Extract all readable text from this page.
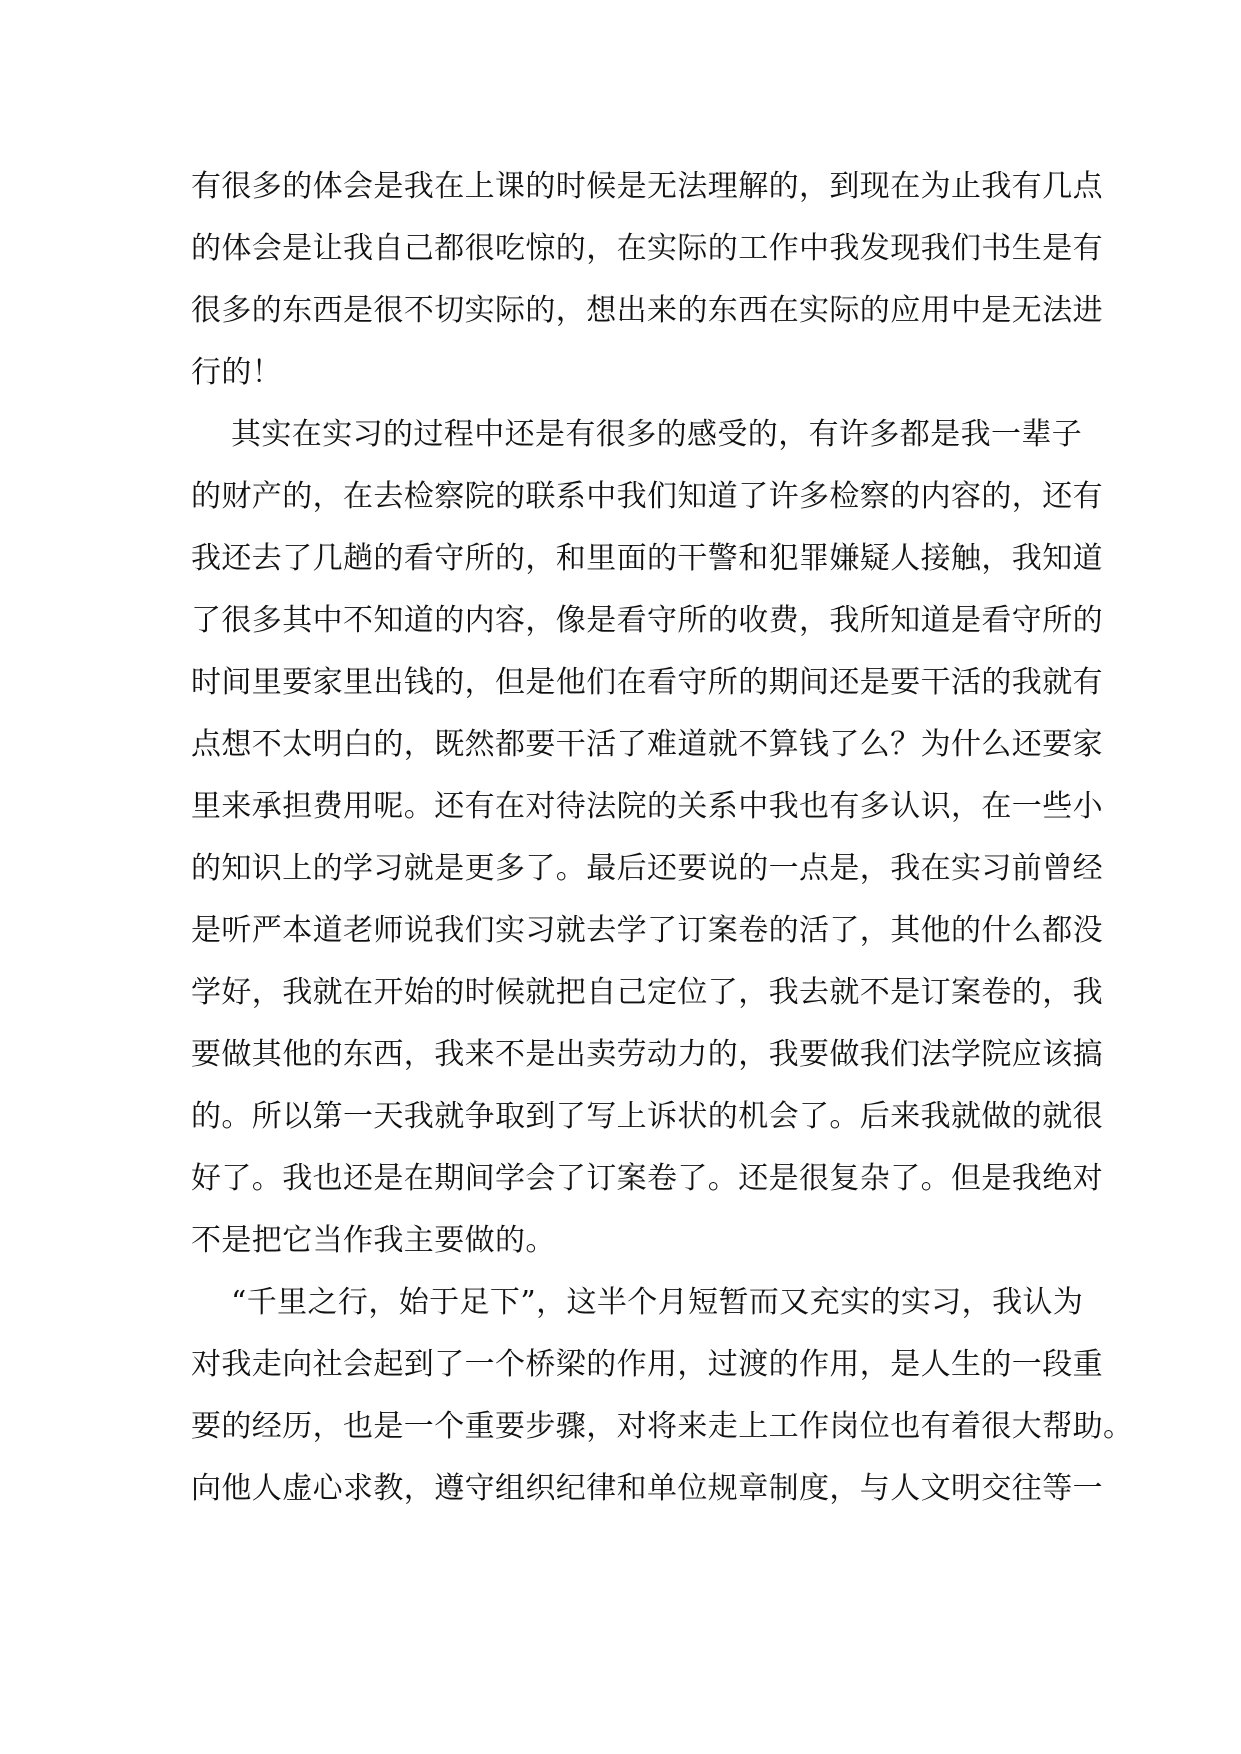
有很多的体会是我在上课的时候是无法理解的，到现在为止我有几点
的体会是让我自己都很吃惊的，在实际的工作中我发现我们书生是有
很多的东西是很不切实际的，想出来的东西在实际的应用中是无法进
行的！
其实在实习的过程中还是有很多的感受的，有许多都是我一辈子
的财产的，在去检察院的联系中我们知道了许多检察的内容的，还有
我还去了几趟的看守所的，和里面的干警和犯罪嫌疑人接触，我知道
了很多其中不知道的内容，像是看守所的收费，我所知道是看守所的
时间里要家里出钱的，但是他们在看守所的期间还是要干活的我就有
点想不太明白的，既然都要干活了难道就不算钱了么？为什么还要家
里来承担费用呢。还有在对待法院的关系中我也有多认识，在一些小
的知识上的学习就是更多了。最后还要说的一点是，我在实习前曾经
是听严本道老师说我们实习就去学了订案卷的活了，其他的什么都没
学好，我就在开始的时候就把自己定位了，我去就不是订案卷的，我
要做其他的东西，我来不是出卖劳动力的，我要做我们法学院应该搞
的。所以第一天我就争取到了写上诉状的机会了。后来我就做的就很
好了。我也还是在期间学会了订案卷了。还是很复杂了。但是我绝对
不是把它当作我主要做的。
“千里之行，始于足下”，这半个月短暂而又充实的实习，我认为
对我走向社会起到了一个桥梁的作用，过渡的作用，是人生的一段重
要的经历，也是一个重要步骤，对将来走上工作岗位也有着很大帮助。
向他人虚心求教，遵守组织纪律和单位规章制度，与人文明交往等一
